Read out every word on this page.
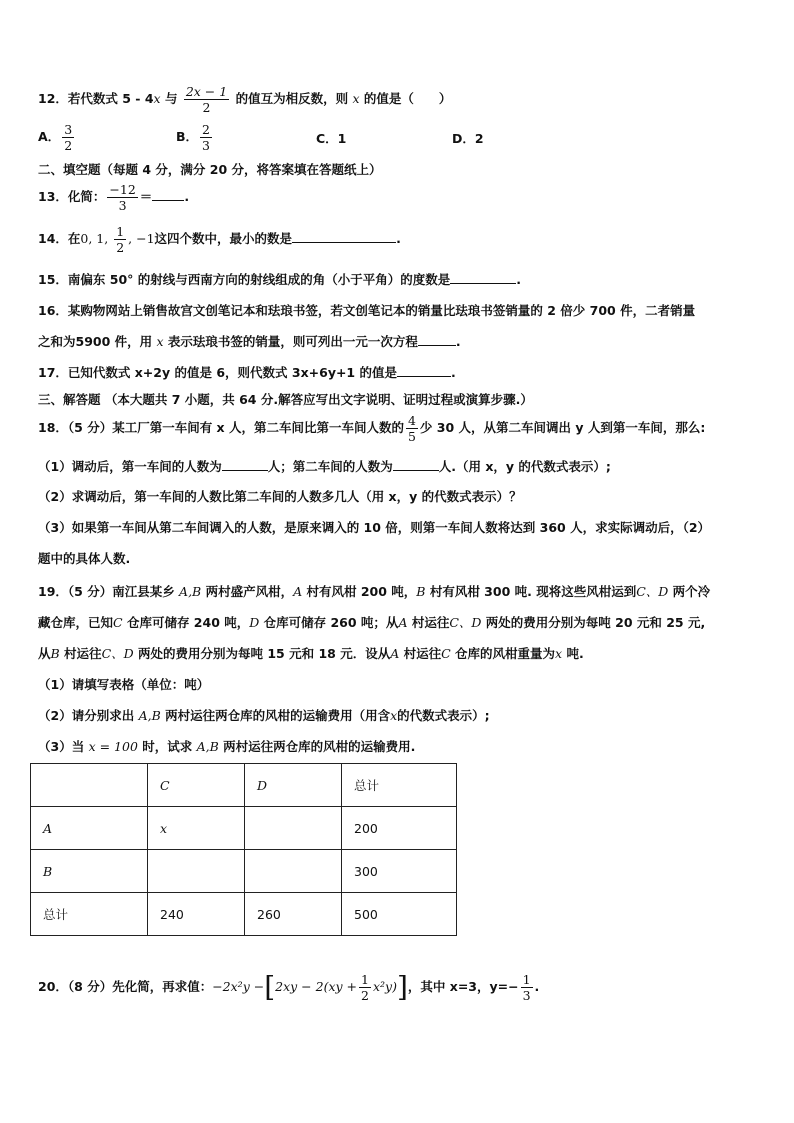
12．若代数式 5 - 4x 与 $\frac{2x - 1}{2}$ 的值互为相反数，则 x 的值是（　　）
A． $\frac{3}{2}$	B． $\frac{2}{3}$	C．1	D．2
二、填空题（每题 4 分，满分 20 分，将答案填在答题纸上）
13．化简： $\frac{-12}{3}$ ＝	.
14．在0, 1, $\frac{1}{2}$ , −1这四个数中，最小的数是	.
15．南偏东 50° 的射线与西南方向的射线组成的角（小于平角）的度数是	.
16．某购物网站上销售故宫文创笔记本和珐琅书签，若文创笔记本的销量比珐琅书签销量的 2 倍少 700 件，二者销量
之和为5900 件，用 x 表示珐琅书签的销量，则可列出一元一次方程	.
17．已知代数式 x+2y 的值是 6，则代数式 3x+6y+1 的值是	.
三、解答题 （本大题共 7 小题，共 64 分.解答应写出文字说明、证明过程或演算步骤.）
18．（5 分）某工厂第一车间有 x 人，第二车间比第一车间人数的 $\frac{4}{5}$ 少 30 人，从第二车间调出 y 人到第一车间，那么:
（1）调动后，第一车间的人数为	人；第二车间的人数为	人.（用 x，y 的代数式表示）;
（2）求调动后，第一车间的人数比第二车间的人数多几人（用 x，y 的代数式表示）？
（3）如果第一车间从第二车间调入的人数，是原来调入的 10 倍，则第一车间人数将达到 360 人，求实际调动后，（2）
题中的具体人数.
19．（5 分）南江县某乡 A,B 两村盛产风柑，A 村有风柑 200 吨，B 村有风柑 300 吨. 现将这些风柑运到C、D 两个冷
藏仓库，已知C 仓库可储存 240 吨，D 仓库可储存 260 吨；从A 村运往C、D 两处的费用分别为每吨 20 元和 25 元,
从B 村运往C、D 两处的费用分别为每吨 15 元和 18 元．设从A 村运往C 仓库的风柑重量为x 吨.
（1）请填写表格（单位：吨）
（2）请分别求出 A,B 两村运往两仓库的风柑的运输费用（用含x的代数式表示）;
（3）当 x = 100 时，试求 A,B 两村运往两仓库的风柑的运输费用.
	C	D	总计
A	x		200
B			300
总计	240	260	500
20．（8 分）先化简，再求值：$-2x^2y -[2xy - 2(xy + \frac{1}{2} x^2y)]$，其中 x=3，$y=- \frac{1}{3}$ .
